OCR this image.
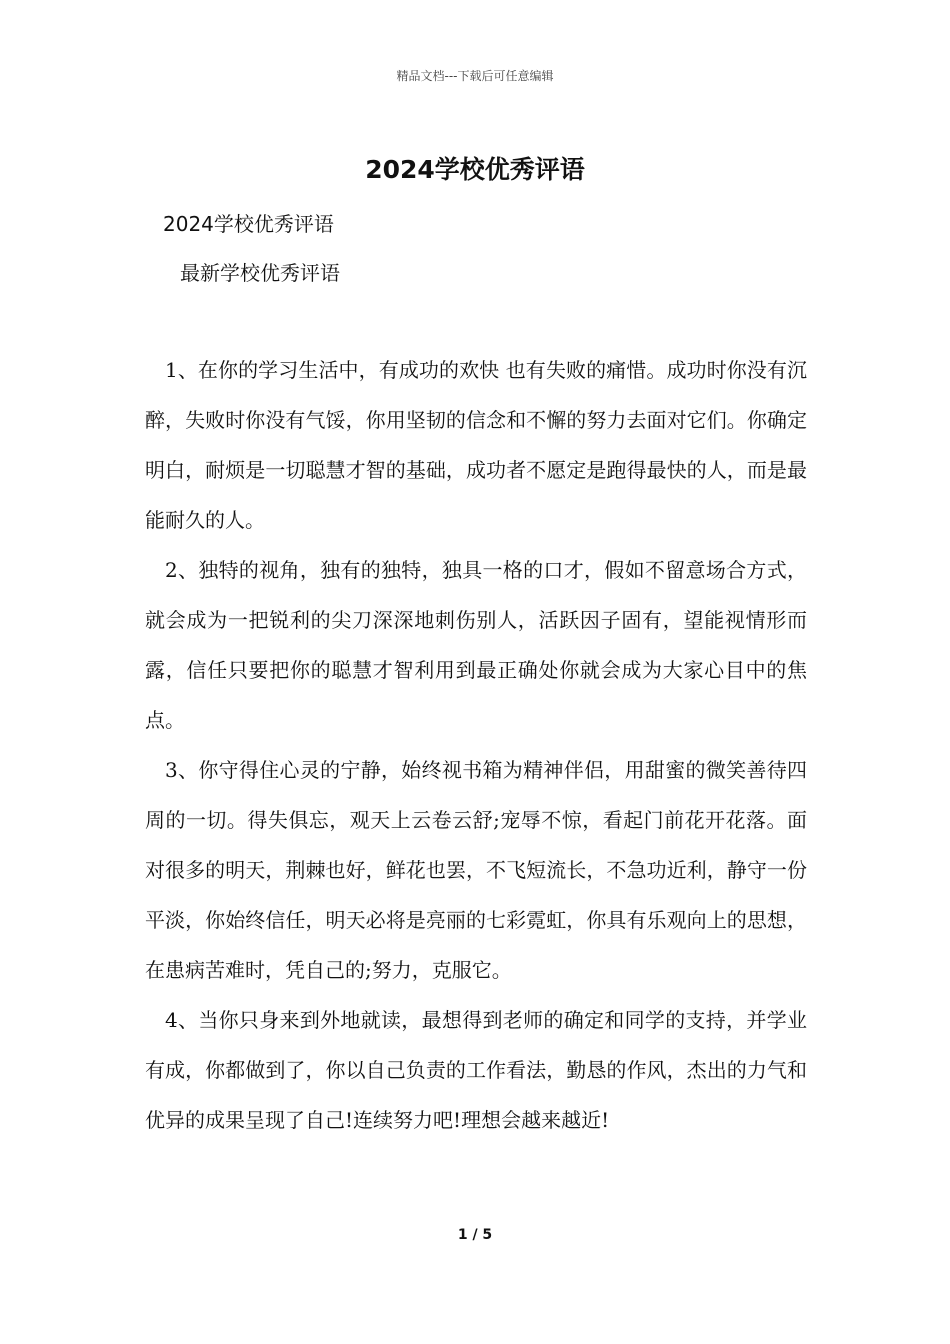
精品文档---下载后可任意编辑
2024学校优秀评语
2024学校优秀评语
最新学校优秀评语

1、在你的学习生活中，有成功的欢快 也有失败的痛惜。成功时你没有沉醉，失败时你没有气馁，你用坚韧的信念和不懈的努力去面对它们。你确定明白，耐烦是一切聪慧才智的基础，成功者不愿定是跑得最快的人，而是最能耐久的人。

2、独特的视角，独有的独特，独具一格的口才，假如不留意场合方式，就会成为一把锐利的尖刀深深地刺伤别人，活跃因子固有，望能视情形而露，信任只要把你的聪慧才智利用到最正确处你就会成为大家心目中的焦点。

3、你守得住心灵的宁静，始终视书箱为精神伴侣，用甜蜜的微笑善待四周的一切。得失俱忘，观天上云卷云舒;宠辱不惊，看起门前花开花落。面对很多的明天，荆棘也好，鲜花也罢，不飞短流长，不急功近利，静守一份平淡，你始终信任，明天必将是亮丽的七彩霓虹，你具有乐观向上的思想，在患病苦难时，凭自己的;努力，克服它。

4、当你只身来到外地就读，最想得到老师的确定和同学的支持，并学业有成，你都做到了，你以自己负责的工作看法，勤恳的作风，杰出的力气和优异的成果呈现了自己!连续努力吧!理想会越来越近!

1 / 5
